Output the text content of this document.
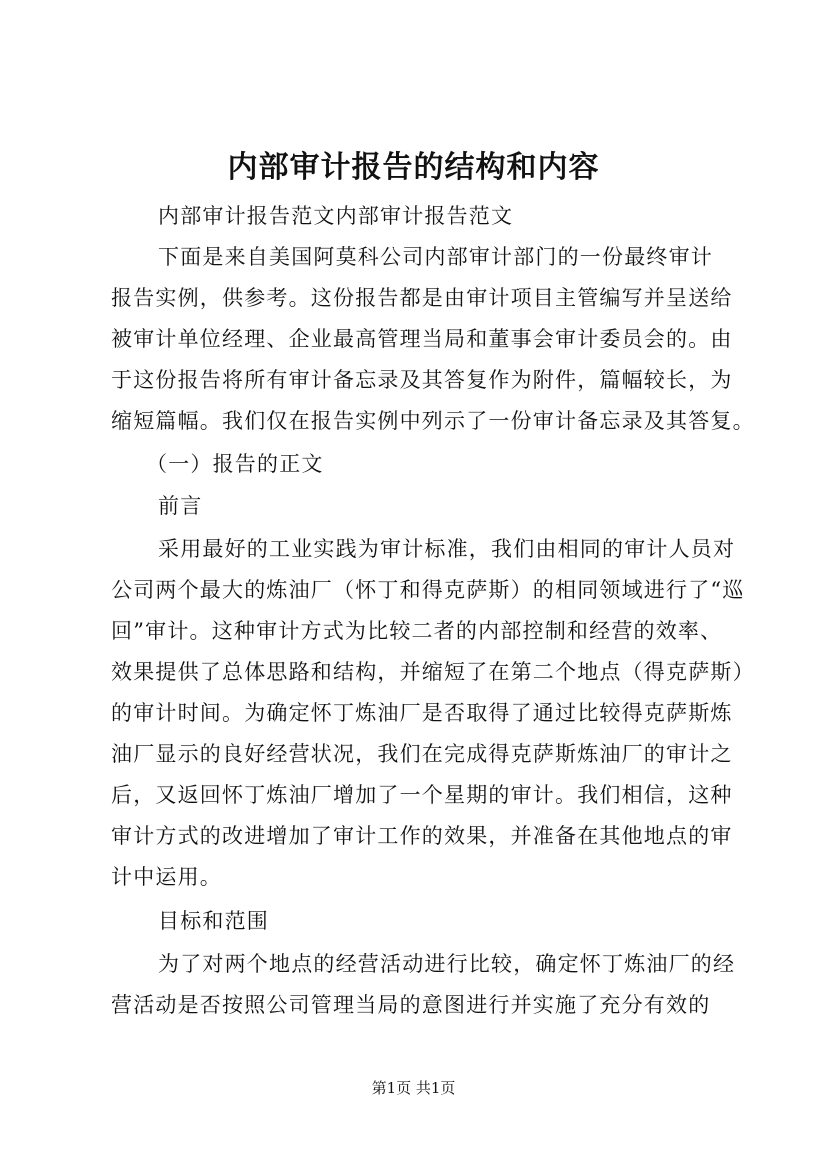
内部审计报告的结构和内容
内部审计报告范文内部审计报告范文
下面是来自美国阿莫科公司内部审计部门的一份最终审计
报告实例，供参考。这份报告都是由审计项目主管编写并呈送给
被审计单位经理、企业最高管理当局和董事会审计委员会的。由
于这份报告将所有审计备忘录及其答复作为附件，篇幅较长，为
缩短篇幅。我们仅在报告实例中列示了一份审计备忘录及其答复。
（一）报告的正文
前言
采用最好的工业实践为审计标准，我们由相同的审计人员对
公司两个最大的炼油厂（怀丁和得克萨斯）的相同领域进行了“巡
回”审计。这种审计方式为比较二者的内部控制和经营的效率、
效果提供了总体思路和结构，并缩短了在第二个地点（得克萨斯）
的审计时间。为确定怀丁炼油厂是否取得了通过比较得克萨斯炼
油厂显示的良好经营状况，我们在完成得克萨斯炼油厂的审计之
后，又返回怀丁炼油厂增加了一个星期的审计。我们相信，这种
审计方式的改进增加了审计工作的效果，并准备在其他地点的审
计中运用。
目标和范围
为了对两个地点的经营活动进行比较，确定怀丁炼油厂的经
营活动是否按照公司管理当局的意图进行并实施了充分有效的
第1页 共1页
